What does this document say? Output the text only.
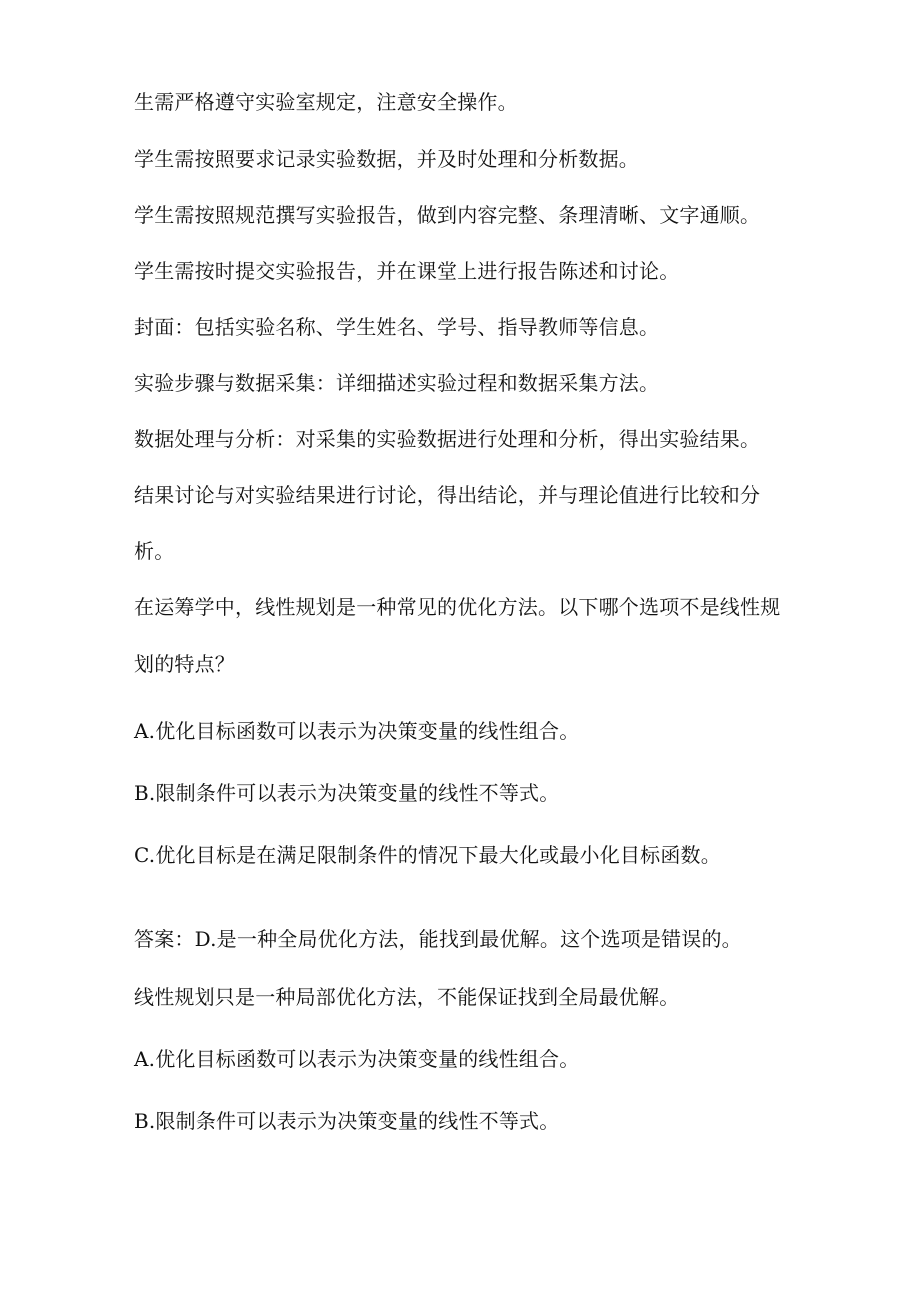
生需严格遵守实验室规定，注意安全操作。
学生需按照要求记录实验数据，并及时处理和分析数据。
学生需按照规范撰写实验报告，做到内容完整、条理清晰、文字通顺。
学生需按时提交实验报告，并在课堂上进行报告陈述和讨论。
封面：包括实验名称、学生姓名、学号、指导教师等信息。
实验步骤与数据采集：详细描述实验过程和数据采集方法。
数据处理与分析：对采集的实验数据进行处理和分析，得出实验结果。
结果讨论与对实验结果进行讨论，得出结论，并与理论值进行比较和分
析。
在运筹学中，线性规划是一种常见的优化方法。以下哪个选项不是线性规
划的特点？
A.优化目标函数可以表示为决策变量的线性组合。
B.限制条件可以表示为决策变量的线性不等式。
C.优化目标是在满足限制条件的情况下最大化或最小化目标函数。
答案：D.是一种全局优化方法，能找到最优解。这个选项是错误的。
线性规划只是一种局部优化方法，不能保证找到全局最优解。
A.优化目标函数可以表示为决策变量的线性组合。
B.限制条件可以表示为决策变量的线性不等式。
